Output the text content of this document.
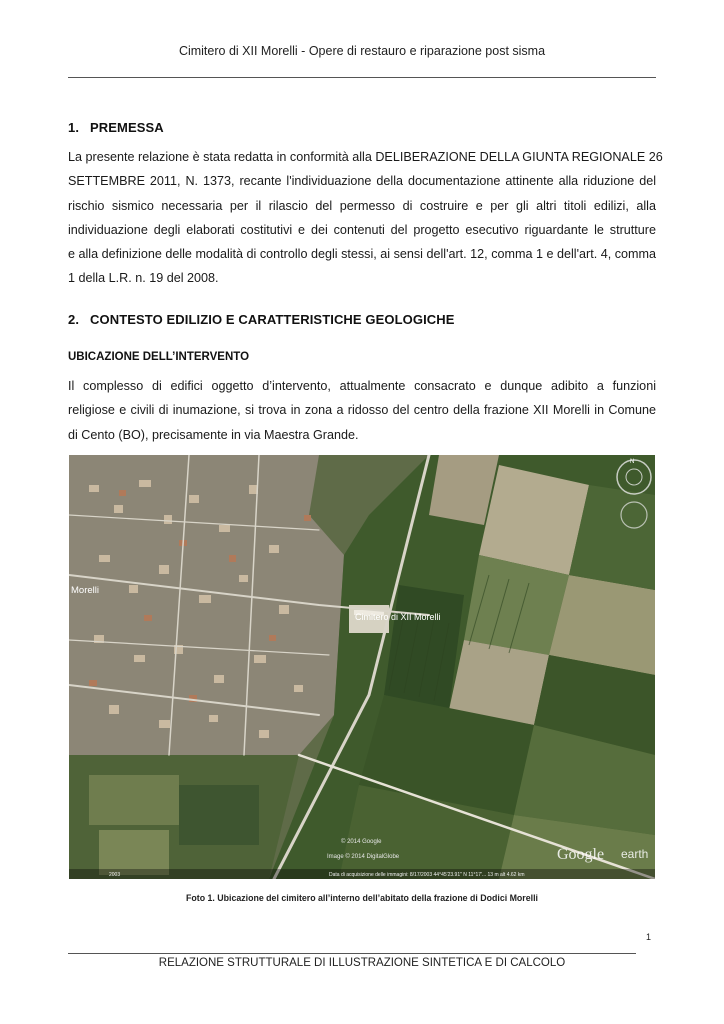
Cimitero di XII Morelli - Opere di restauro e riparazione post sisma
1. PREMESSA
La presente relazione è stata redatta in conformità alla DELIBERAZIONE DELLA GIUNTA REGIONALE 26
SETTEMBRE 2011, N. 1373, recante l'individuazione della documentazione attinente alla riduzione del
rischio sismico necessaria per il rilascio del permesso di costruire e per gli altri titoli edilizi, alla
individuazione degli elaborati costitutivi e dei contenuti del progetto esecutivo riguardante le strutture
e alla definizione delle modalità di controllo degli stessi, ai sensi dell'art. 12, comma 1 e dell'art. 4, comma
1 della L.R. n. 19 del 2008.
2. CONTESTO EDILIZIO E CARATTERISTICHE GEOLOGICHE
UBICAZIONE DELL’INTERVENTO
Il complesso di edifici oggetto d’intervento, attualmente consacrato e dunque adibito a funzioni
religiose e civili di inumazione, si trova in zona a ridosso del centro della frazione XII Morelli in Comune
di Cento (BO), precisamente in via Maestra Grande.
N
Morelli
Cimitero di XII Morelli
© 2014 Google
Image © 2014 DigitalGlobe
Data di acquisizione delle immagini: 8/17/2003 44°45'23.91" N 11°17'... 13 m alt 4.62 km
2003
Google earth
Foto 1. Ubicazione del cimitero all’interno dell’abitato della frazione di Dodici Morelli
1
RELAZIONE STRUTTURALE DI ILLUSTRAZIONE SINTETICA E DI CALCOLO
